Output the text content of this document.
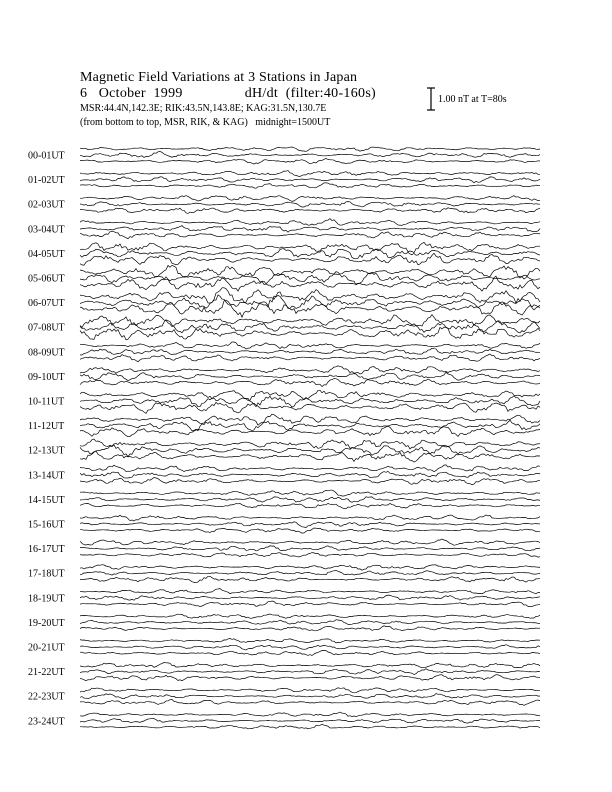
Magnetic Field Variations at 3 Stations in Japan
6   October  1999	dH/dt  (filter:40-160s)
MSR:44.4N,142.3E; RIK:43.5N,143.8E; KAG:31.5N,130.7E
(from bottom to top, MSR, RIK, & KAG)   midnight=1500UT
1.00 nT at T=80s
00-01UT
01-02UT
02-03UT
03-04UT
04-05UT
05-06UT
06-07UT
07-08UT
08-09UT
09-10UT
10-11UT
11-12UT
12-13UT
13-14UT
14-15UT
15-16UT
16-17UT
17-18UT
18-19UT
19-20UT
20-21UT
21-22UT
22-23UT
23-24UT
